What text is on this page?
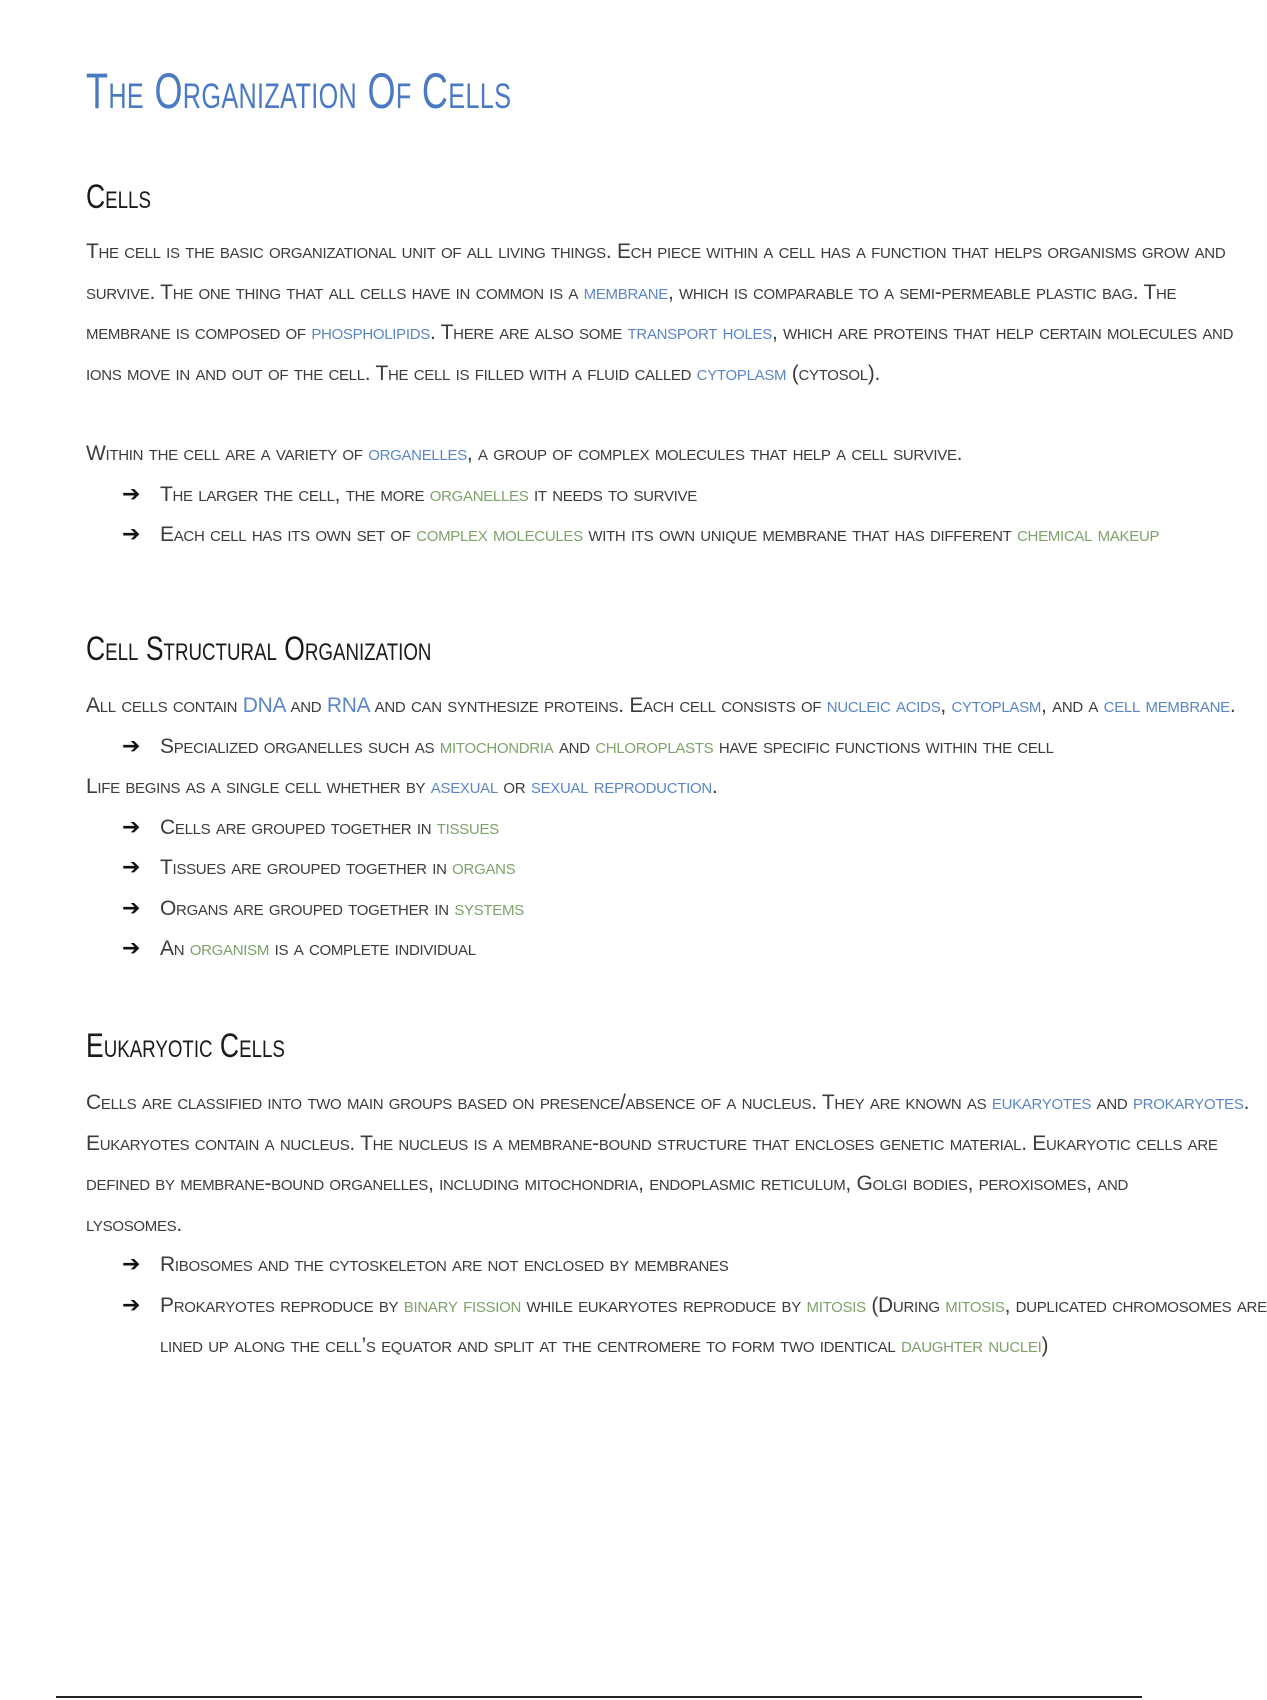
The Organization Of Cells
Cells

The cell is the basic organizational unit of all living things. Ech piece within a cell has a function that helps organisms grow and
survive. The one thing that all cells have in common is a membrane, which is comparable to a semi-permeable plastic bag. The
membrane is composed of phospholipids. There are also some transport holes, which are proteins that help certain molecules and
ions move in and out of the cell. The cell is filled with a fluid called cytoplasm (cytosol).

Within the cell are a variety of organelles, a group of complex molecules that help a cell survive.

➔ The larger the cell, the more organelles it needs to survive
➔ Each cell has its own set of complex molecules with its own unique membrane that has different chemical makeup
Cell Structural Organization

All cells contain DNA and RNA and can synthesize proteins. Each cell consists of nucleic acids, cytoplasm, and a cell membrane.

➔ Specialized organelles such as mitochondria and chloroplasts have specific functions within the cell

Life begins as a single cell whether by asexual or sexual reproduction.

➔ Cells are grouped together in tissues
➔ Tissues are grouped together in organs
➔ Organs are grouped together in systems
➔ An organism is a complete individual
Eukaryotic Cells

Cells are classified into two main groups based on presence/absence of a nucleus. They are known as eukaryotes and prokaryotes.
Eukaryotes contain a nucleus. The nucleus is a membrane-bound structure that encloses genetic material. Eukaryotic cells are
defined by membrane-bound organelles, including mitochondria, endoplasmic reticulum, Golgi bodies, peroxisomes, and
lysosomes.

➔ Ribosomes and the cytoskeleton are not enclosed by membranes
➔ Prokaryotes reproduce by binary fission while eukaryotes reproduce by mitosis (During mitosis, duplicated chromosomes are
lined up along the cell’s equator and split at the centromere to form two identical daughter nuclei)
